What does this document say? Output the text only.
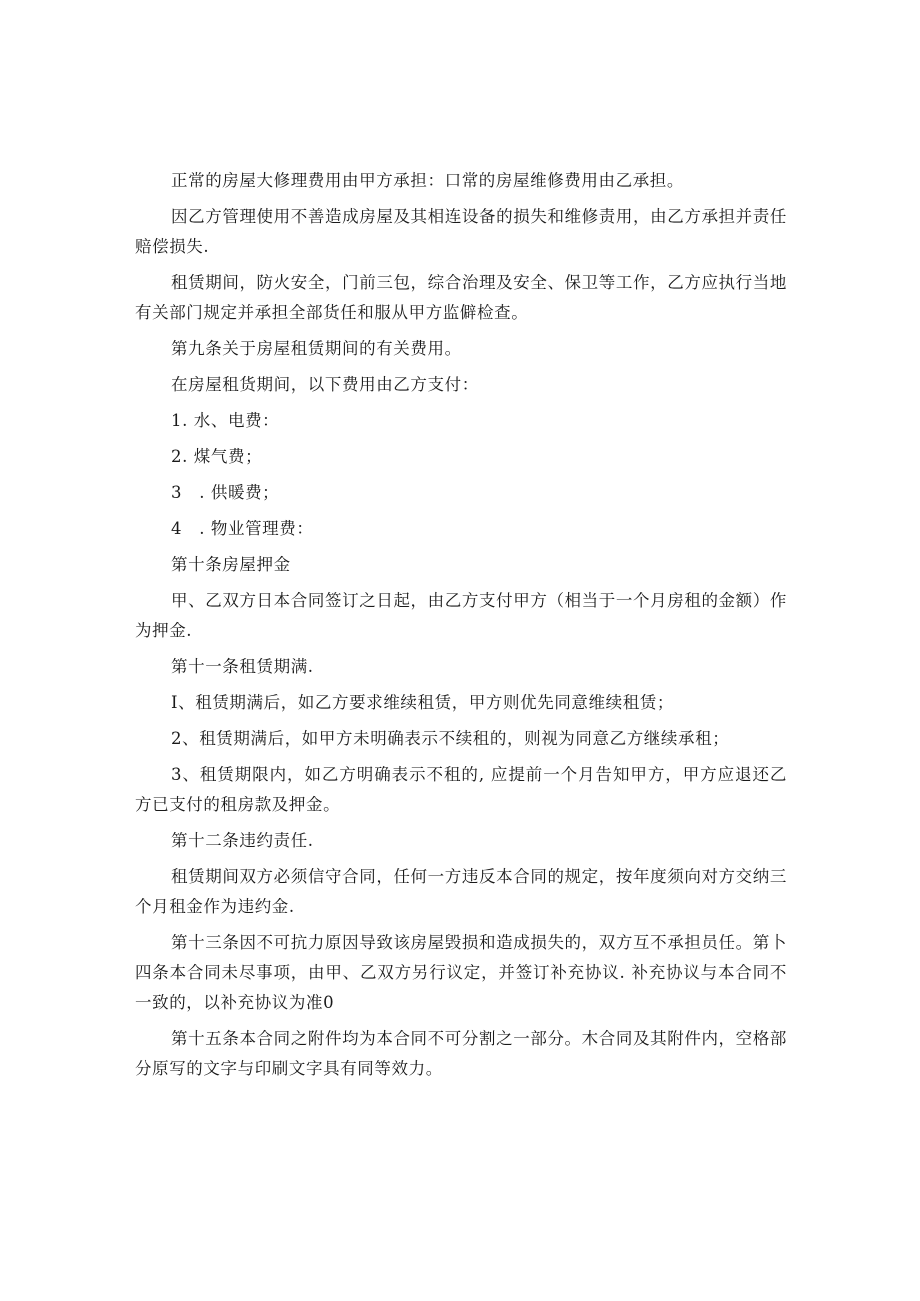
正常的房屋大修理费用由甲方承担：口常的房屋维修费用由乙承担。

因乙方管理使用不善造成房屋及其相连设备的损失和维修责用，由乙方承担并责任赔偿损失.

租赁期间，防火安全，门前三包，综合治理及安全、保卫等工作，乙方应执行当地有关部门规定并承担全部货任和服从甲方监僻检查。

第九条关于房屋租赁期间的有关费用。

在房屋租货期间，以下费用由乙方支付：

1. 水、电费：

2. 煤气费；

3　. 供暖费；

4　. 物业管理费：

第十条房屋押金

甲、乙双方日本合同签订之日起，由乙方支付甲方（相当于一个月房租的金额）作为押金.

第十一条租赁期满.

I、租赁期满后，如乙方要求维续租赁，甲方则优先同意维续租赁；

2、租赁期满后，如甲方未明确表示不续租的，则视为同意乙方继续承租；

3、租赁期限内，如乙方明确表示不租的, 应提前一个月告知甲方，甲方应退还乙方已支付的租房款及押金。

第十二条违约责任.

租赁期间双方必须信守合同，任何一方违反本合同的规定，按年度须向对方交纳三个月租金作为违约金.

第十三条因不可抗力原因导致该房屋毁损和造成损失的，双方互不承担员任。第卜四条本合同未尽事项，由甲、乙双方另行议定，并签订补充协议. 补充协议与本合同不一致的，以补充协议为准0

第十五条本合同之附件均为本合同不可分割之一部分。木合同及其附件内，空格部分原写的文字与印刷文字具有同等效力。
